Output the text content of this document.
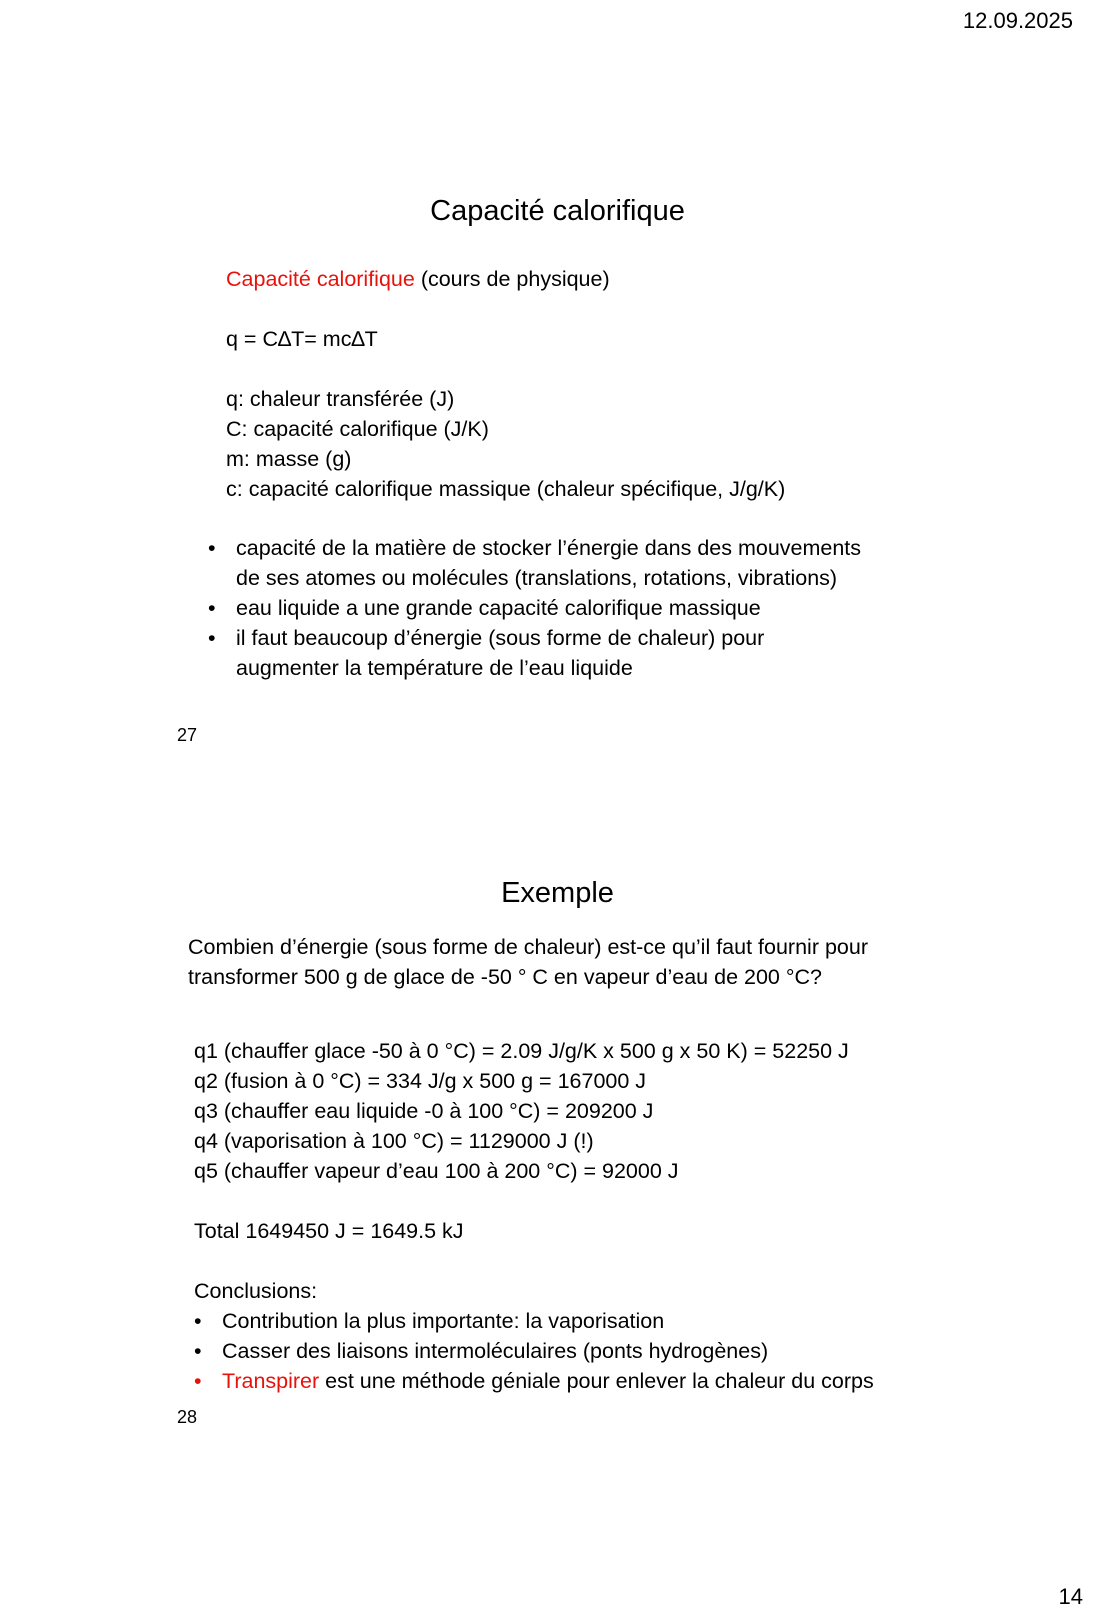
12.09.2025
Capacité calorifique
Capacité calorifique (cours de physique)
q = C∆T= mc∆T
q: chaleur transférée (J)
C: capacité calorifique (J/K)
m: masse (g)
c: capacité calorifique massique (chaleur spécifique, J/g/K)
• capacité de la matière de stocker l’énergie dans des mouvements
de ses atomes ou molécules (translations, rotations, vibrations)
• eau liquide a une grande capacité calorifique massique
• il faut beaucoup d’énergie (sous forme de chaleur) pour
augmenter la température de l’eau liquide
27
Exemple
Combien d’énergie (sous forme de chaleur) est-ce qu’il faut fournir pour
transformer 500 g de glace de -50 ° C en vapeur d’eau de 200 °C?
q1 (chauffer glace -50 à 0 °C) = 2.09 J/g/K x 500 g x 50 K) = 52250 J
q2 (fusion à 0 °C) = 334 J/g x 500 g = 167000 J
q3 (chauffer eau liquide -0 à 100 °C) = 209200 J
q4 (vaporisation à 100 °C) = 1129000 J (!)
q5 (chauffer vapeur d’eau 100 à 200 °C) = 92000 J
Total 1649450 J = 1649.5 kJ
Conclusions:
• Contribution la plus importante: la vaporisation
• Casser des liaisons intermoléculaires (ponts hydrogènes)
• Transpirer est une méthode géniale pour enlever la chaleur du corps
28
14
